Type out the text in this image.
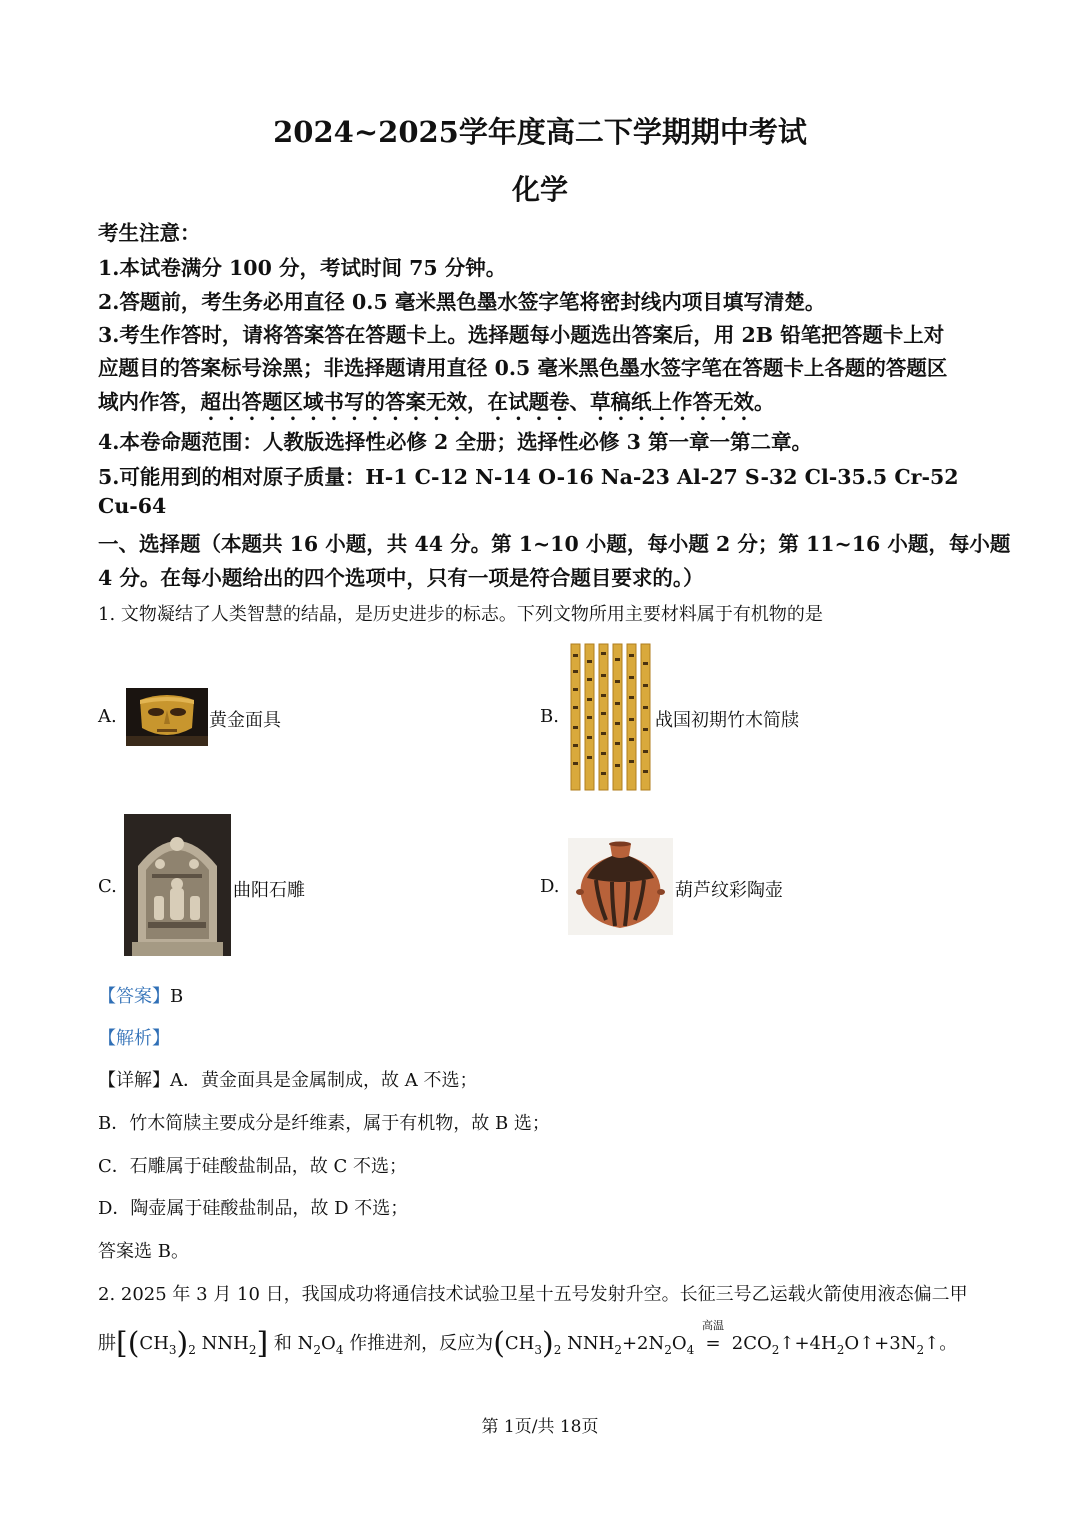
2024~2025学年度高二下学期期中考试
化学
考生注意：
1.本试卷满分 100 分，考试时间 75 分钟。
2.答题前，考生务必用直径 0.5 毫米黑色墨水签字笔将密封线内项目填写清楚。
3.考生作答时，请将答案答在答题卡上。选择题每小题选出答案后，用 2B 铅笔把答题卡上对
应题目的答案标号涂黑；非选择题请用直径 0.5 毫米黑色墨水签字笔在答题卡上各题的答题区
域内作答，超出答题区域书写的答案无效，在试题卷、草稿纸上作答无效。
4.本卷命题范围：人教版选择性必修 2 全册；选择性必修 3 第一章一第二章。
5.可能用到的相对原子质量：H-1 C-12 N-14 O-16 Na-23 Al-27 S-32 Cl-35.5 Cr-52
Cu-64
一、选择题（本题共 16 小题，共 44 分。第 1~10 小题，每小题 2 分；第 11~16 小题，每小题
4 分。在每小题给出的四个选项中，只有一项是符合题目要求的。）
1. 文物凝结了人类智慧的结晶，是历史进步的标志。下列文物所用主要材料属于有机物的是
A.	黄金面具	B.	战国初期竹木简牍
C.	曲阳石雕	D.	葫芦纹彩陶壶
【答案】B
【解析】
【详解】A．黄金面具是金属制成，故 A 不选；
B．竹木简牍主要成分是纤维素，属于有机物，故 B 选；
C．石雕属于硅酸盐制品，故 C 不选；
D．陶壶属于硅酸盐制品，故 D 不选；
答案选 B。
2. 2025 年 3 月 10 日，我国成功将通信技术试验卫星十五号发射升空。长征三号乙运载火箭使用液态偏二甲
肼[$(CH_3)_2$ $NNH_2$] 和 $N_2O_4$ 作推进剂，反应为$(CH_3)_2$ $NNH_2+2N_2O_4$
高温
= $2CO_2↑+4H_2O↑+3N_2↑$。
第 1页/共 18页
